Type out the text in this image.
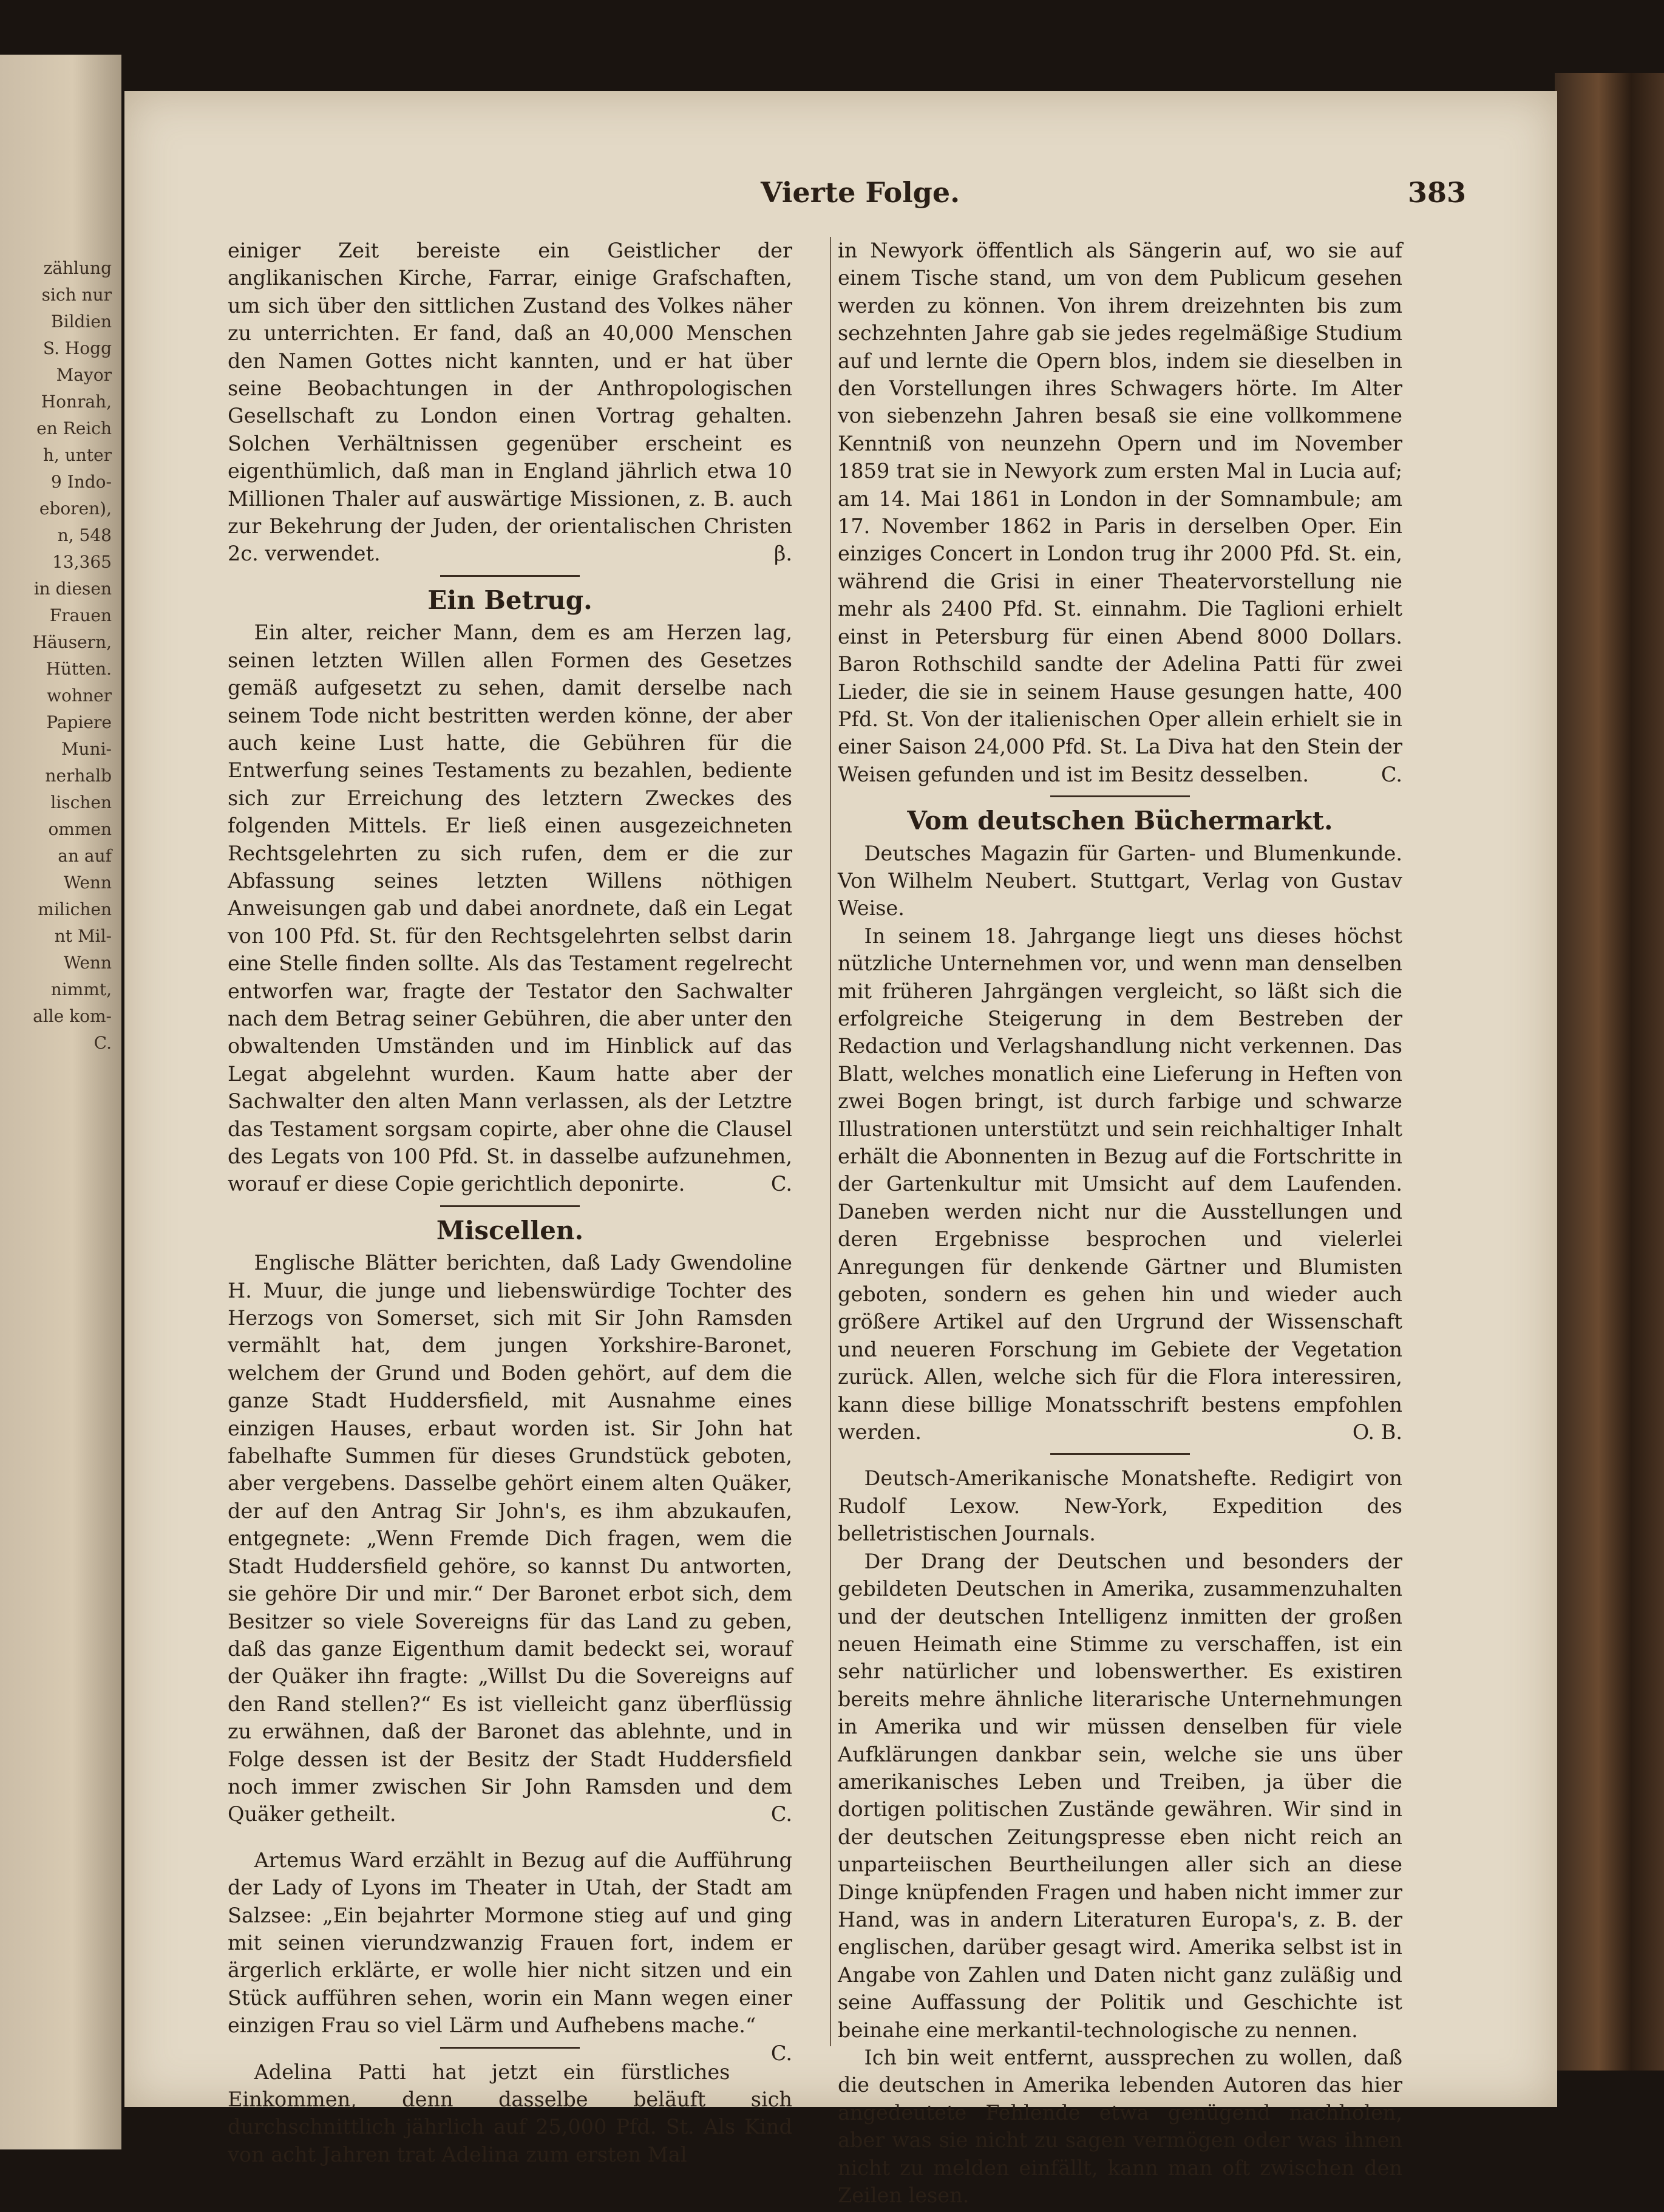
zählung
sich nur
Bildien
S. Hogg
Mayor
Honrah,
en Reich
h, unter
9 Indo-
eboren),
n, 548
13,365
in diesen
Frauen
Häusern,
Hütten.
wohner
Papiere
Muni-
nerhalb
lischen
ommen
an auf
Wenn
milichen
nt Mil-
Wenn
nimmt,
alle kom-
C.
Vierte Folge.	383

einiger Zeit bereiste ein Geistlicher der anglikanischen Kirche, Farrar, einige Grafschaften, um sich über den sittlichen Zustand des Volkes näher zu unterrichten. Er fand, daß an 40,000 Menschen den Namen Gottes nicht kannten, und er hat über seine Beobachtungen in der Anthropologischen Gesellschaft zu London einen Vortrag gehalten. Solchen Verhältnissen gegenüber erscheint es eigenthümlich, daß man in England jährlich etwa 10 Millionen Thaler auf auswärtige Missionen, z. B. auch zur Bekehrung der Juden, der orientalischen Christen 2c. verwendet.	β.

Ein Betrug.

Ein alter, reicher Mann, dem es am Herzen lag, seinen letzten Willen allen Formen des Gesetzes gemäß aufgesetzt zu sehen, damit derselbe nach seinem Tode nicht bestritten werden könne, der aber auch keine Lust hatte, die Gebühren für die Entwerfung seines Testaments zu bezahlen, bediente sich zur Erreichung des letztern Zweckes des folgenden Mittels. Er ließ einen ausgezeichneten Rechtsgelehrten zu sich rufen, dem er die zur Abfassung seines letzten Willens nöthigen Anweisungen gab und dabei anordnete, daß ein Legat von 100 Pfd. St. für den Rechtsgelehrten selbst darin eine Stelle finden sollte. Als das Testament regelrecht entworfen war, fragte der Testator den Sachwalter nach dem Betrag seiner Gebühren, die aber unter den obwaltenden Umständen und im Hinblick auf das Legat abgelehnt wurden. Kaum hatte aber der Sachwalter den alten Mann verlassen, als der Letztre das Testament sorgsam copirte, aber ohne die Clausel des Legats von 100 Pfd. St. in dasselbe aufzunehmen, worauf er diese Copie gerichtlich deponirte.	C.

Miscellen.

Englische Blätter berichten, daß Lady Gwendoline H. Muur, die junge und liebenswürdige Tochter des Herzogs von Somerset, sich mit Sir John Ramsden vermählt hat, dem jungen Yorkshire-Baronet, welchem der Grund und Boden gehört, auf dem die ganze Stadt Huddersfield, mit Ausnahme eines einzigen Hauses, erbaut worden ist. Sir John hat fabelhafte Summen für dieses Grundstück geboten, aber vergebens. Dasselbe gehört einem alten Quäker, der auf den Antrag Sir John's, es ihm abzukaufen, entgegnete: „Wenn Fremde Dich fragen, wem die Stadt Huddersfield gehöre, so kannst Du antworten, sie gehöre Dir und mir.“ Der Baronet erbot sich, dem Besitzer so viele Sovereigns für das Land zu geben, daß das ganze Eigenthum damit bedeckt sei, worauf der Quäker ihn fragte: „Willst Du die Sovereigns auf den Rand stellen?“ Es ist vielleicht ganz überflüssig zu erwähnen, daß der Baronet das ablehnte, und in Folge dessen ist der Besitz der Stadt Huddersfield noch immer zwischen Sir John Ramsden und dem Quäker getheilt.	C.

Artemus Ward erzählt in Bezug auf die Aufführung der Lady of Lyons im Theater in Utah, der Stadt am Salzsee: „Ein bejahrter Mormone stieg auf und ging mit seinen vierundzwanzig Frauen fort, indem er ärgerlich erklärte, er wolle hier nicht sitzen und ein Stück aufführen sehen, worin ein Mann wegen einer einzigen Frau so viel Lärm und Aufhebens mache.“
C.

Adelina Patti hat jetzt ein fürstliches Einkommen, denn dasselbe beläuft sich durchschnittlich jährlich auf 25,000 Pfd. St. Als Kind von acht Jahren trat Adelina zum ersten Mal

in Newyork öffentlich als Sängerin auf, wo sie auf einem Tische stand, um von dem Publicum gesehen werden zu können. Von ihrem dreizehnten bis zum sechzehnten Jahre gab sie jedes regelmäßige Studium auf und lernte die Opern blos, indem sie dieselben in den Vorstellungen ihres Schwagers hörte. Im Alter von siebenzehn Jahren besaß sie eine vollkommene Kenntniß von neunzehn Opern und im November 1859 trat sie in Newyork zum ersten Mal in Lucia auf; am 14. Mai 1861 in London in der Somnambule; am 17. November 1862 in Paris in derselben Oper. Ein einziges Concert in London trug ihr 2000 Pfd. St. ein, während die Grisi in einer Theatervorstellung nie mehr als 2400 Pfd. St. einnahm. Die Taglioni erhielt einst in Petersburg für einen Abend 8000 Dollars. Baron Rothschild sandte der Adelina Patti für zwei Lieder, die sie in seinem Hause gesungen hatte, 400 Pfd. St. Von der italienischen Oper allein erhielt sie in einer Saison 24,000 Pfd. St. La Diva hat den Stein der Weisen gefunden und ist im Besitz desselben.	C.

Vom deutschen Büchermarkt.

Deutsches Magazin für Garten- und Blumenkunde. Von Wilhelm Neubert. Stuttgart, Verlag von Gustav Weise.

In seinem 18. Jahrgange liegt uns dieses höchst nützliche Unternehmen vor, und wenn man denselben mit früheren Jahrgängen vergleicht, so läßt sich die erfolgreiche Steigerung in dem Bestreben der Redaction und Verlagshandlung nicht verkennen. Das Blatt, welches monatlich eine Lieferung in Heften von zwei Bogen bringt, ist durch farbige und schwarze Illustrationen unterstützt und sein reichhaltiger Inhalt erhält die Abonnenten in Bezug auf die Fortschritte in der Gartenkultur mit Umsicht auf dem Laufenden. Daneben werden nicht nur die Ausstellungen und deren Ergebnisse besprochen und vielerlei Anregungen für denkende Gärtner und Blumisten geboten, sondern es gehen hin und wieder auch größere Artikel auf den Urgrund der Wissenschaft und neueren Forschung im Gebiete der Vegetation zurück. Allen, welche sich für die Flora interessiren, kann diese billige Monatsschrift bestens empfohlen werden.	O. B.

Deutsch-Amerikanische Monatshefte. Redigirt von Rudolf Lexow. New-York, Expedition des belletristischen Journals.

Der Drang der Deutschen und besonders der gebildeten Deutschen in Amerika, zusammenzuhalten und der deutschen Intelligenz inmitten der großen neuen Heimath eine Stimme zu verschaffen, ist ein sehr natürlicher und lobenswerther. Es existiren bereits mehre ähnliche literarische Unternehmungen in Amerika und wir müssen denselben für viele Aufklärungen dankbar sein, welche sie uns über amerikanisches Leben und Treiben, ja über die dortigen politischen Zustände gewähren. Wir sind in der deutschen Zeitungspresse eben nicht reich an unparteiischen Beurtheilungen aller sich an diese Dinge knüpfenden Fragen und haben nicht immer zur Hand, was in andern Literaturen Europa's, z. B. der englischen, darüber gesagt wird. Amerika selbst ist in Angabe von Zahlen und Daten nicht ganz zuläßig und seine Auffassung der Politik und Geschichte ist beinahe eine merkantil-technologische zu nennen.

Ich bin weit entfernt, aussprechen zu wollen, daß die deutschen in Amerika lebenden Autoren das hier angedeutete Fehlende etwa genügend nachholen, aber was sie nicht zu sagen vermögen oder was ihnen nicht zu melden einfällt, kann man oft zwischen den Zeilen lesen.
